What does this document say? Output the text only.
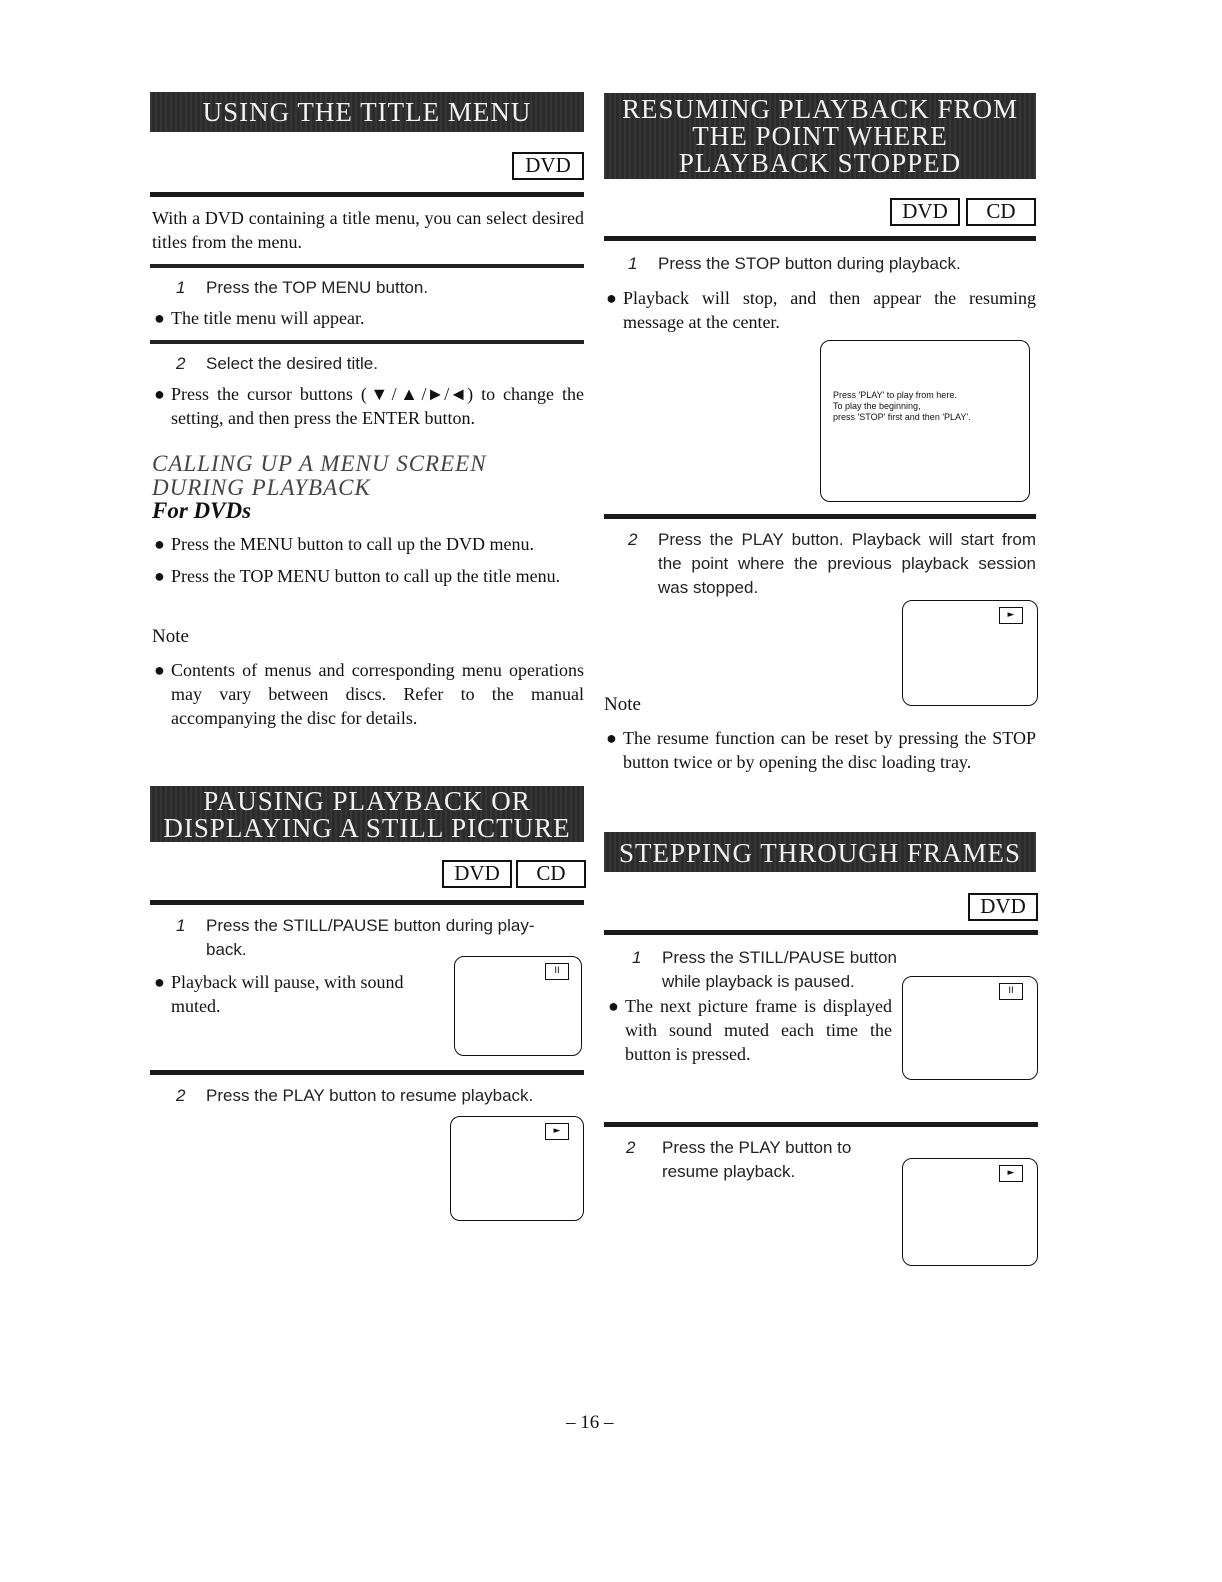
USING THE TITLE MENU
DVD
With a DVD containing a title menu, you can select desired titles from the menu.
1 Press the TOP MENU button.
● The title menu will appear.
2 Select the desired title.
● Press the cursor buttons (▼/▲/►/◄) to change the setting, and then press the ENTER button.
CALLING UP A MENU SCREEN
DURING PLAYBACK
For DVDs
● Press the MENU button to call up the DVD menu.
● Press the TOP MENU button to call up the title menu.
Note
● Contents of menus and corresponding menu operations may vary between discs. Refer to the manual accompanying the disc for details.
PAUSING PLAYBACK OR
DISPLAYING A STILL PICTURE
DVD	CD
1 Press the STILL/PAUSE button during play-
back.
● Playback will pause, with sound muted.
II
2 Press the PLAY button to resume playback.
►
RESUMING PLAYBACK FROM
THE POINT WHERE
PLAYBACK STOPPED
DVD	CD
1 Press the STOP button during playback.
● Playback will stop, and then appear the resuming message at the center.
Press 'PLAY' to play from here.
To play the beginning,
press 'STOP' first and then 'PLAY'.
2	Press the PLAY button. Playback will start from the point where the previous playback session was stopped.
►
Note
● The resume function can be reset by pressing the STOP button twice or by opening the disc loading tray.
STEPPING THROUGH FRAMES
DVD
1 Press the STILL/PAUSE button
while playback is paused.
● The next picture frame is displayed with sound muted each time the button is pressed.
II
2 Press the PLAY button to
resume playback.	►
– 16 –
